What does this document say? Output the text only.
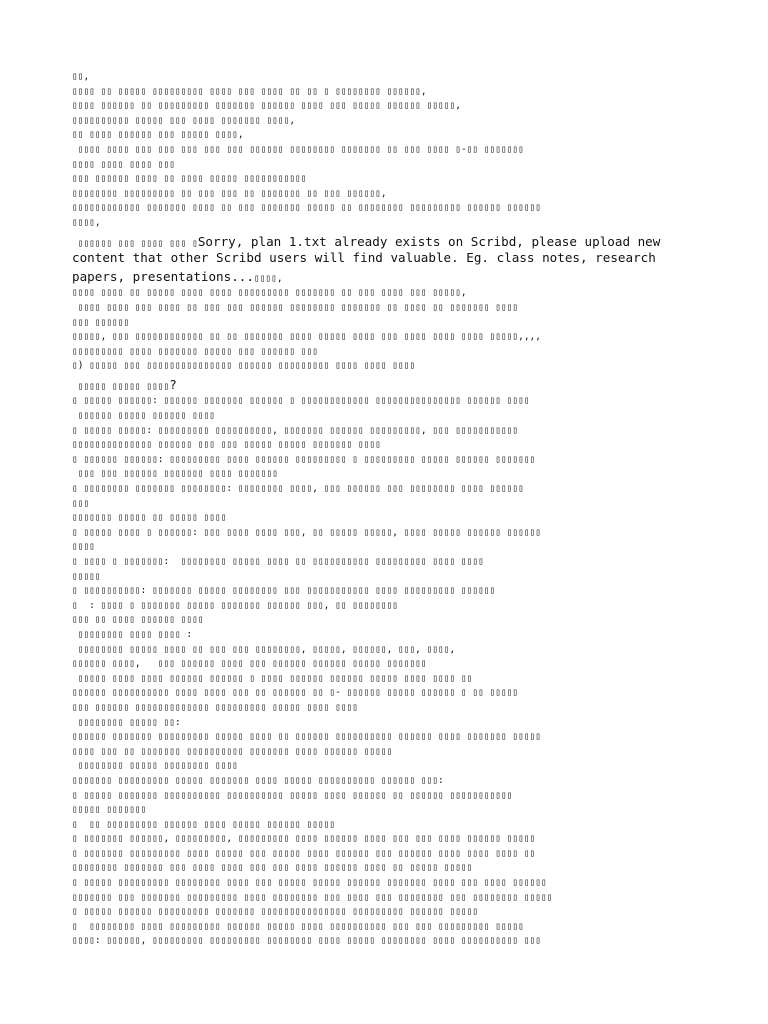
▯▯,
▯▯▯▯ ▯▯ ▯▯▯▯▯ ▯▯▯▯▯▯▯▯▯ ▯▯▯▯ ▯▯▯ ▯▯▯▯ ▯▯ ▯▯ ▯ ▯▯▯▯▯▯▯▯ ▯▯▯▯▯▯,
▯▯▯▯ ▯▯▯▯▯▯ ▯▯ ▯▯▯▯▯▯▯▯▯ ▯▯▯▯▯▯▯ ▯▯▯▯▯▯ ▯▯▯▯ ▯▯▯ ▯▯▯▯▯ ▯▯▯▯▯▯ ▯▯▯▯▯,
▯▯▯▯▯▯▯▯▯▯ ▯▯▯▯▯ ▯▯▯ ▯▯▯▯ ▯▯▯▯▯▯▯ ▯▯▯▯,
▯▯ ▯▯▯▯ ▯▯▯▯▯▯ ▯▯▯ ▯▯▯▯▯ ▯▯▯▯,
▯▯▯▯ ▯▯▯▯ ▯▯▯ ▯▯▯ ▯▯▯ ▯▯▯ ▯▯▯ ▯▯▯▯▯▯ ▯▯▯▯▯▯▯▯ ▯▯▯▯▯▯▯ ▯▯ ▯▯▯ ▯▯▯▯ ▯-▯▯ ▯▯▯▯▯▯▯
▯▯▯▯ ▯▯▯▯ ▯▯▯▯ ▯▯▯
▯▯▯ ▯▯▯▯▯▯ ▯▯▯▯ ▯▯ ▯▯▯▯ ▯▯▯▯▯ ▯▯▯▯▯▯▯▯▯▯▯
▯▯▯▯▯▯▯▯ ▯▯▯▯▯▯▯▯▯ ▯▯ ▯▯▯ ▯▯▯ ▯▯ ▯▯▯▯▯▯▯ ▯▯ ▯▯▯ ▯▯▯▯▯▯,
▯▯▯▯▯▯▯▯▯▯▯▯ ▯▯▯▯▯▯▯ ▯▯▯▯ ▯▯ ▯▯▯ ▯▯▯▯▯▯▯ ▯▯▯▯▯ ▯▯ ▯▯▯▯▯▯▯▯ ▯▯▯▯▯▯▯▯▯ ▯▯▯▯▯▯ ▯▯▯▯▯▯
▯▯▯▯,
▯▯▯▯▯▯ ▯▯▯ ▯▯▯▯ ▯▯▯ ▯Sorry, plan 1.txt already exists on Scribd, please upload new
content that other Scribd users will find valuable. Eg. class notes, research
papers, presentations...▯▯▯▯,
▯▯▯▯ ▯▯▯▯ ▯▯ ▯▯▯▯▯ ▯▯▯▯ ▯▯▯▯ ▯▯▯▯▯▯▯▯▯ ▯▯▯▯▯▯▯ ▯▯ ▯▯▯ ▯▯▯▯ ▯▯▯ ▯▯▯▯▯,
▯▯▯▯ ▯▯▯▯ ▯▯▯ ▯▯▯▯ ▯▯ ▯▯▯ ▯▯▯ ▯▯▯▯▯▯ ▯▯▯▯▯▯▯▯ ▯▯▯▯▯▯▯ ▯▯ ▯▯▯▯ ▯▯ ▯▯▯▯▯▯▯ ▯▯▯▯
▯▯▯ ▯▯▯▯▯▯
▯▯▯▯▯, ▯▯▯ ▯▯▯▯▯▯▯▯▯▯▯▯ ▯▯ ▯▯ ▯▯▯▯▯▯▯ ▯▯▯▯ ▯▯▯▯▯ ▯▯▯▯ ▯▯▯ ▯▯▯▯ ▯▯▯▯ ▯▯▯▯ ▯▯▯▯▯,,,,
▯▯▯▯▯▯▯▯▯ ▯▯▯▯ ▯▯▯▯▯▯▯ ▯▯▯▯▯ ▯▯▯ ▯▯▯▯▯▯ ▯▯▯
▯) ▯▯▯▯▯ ▯▯▯ ▯▯▯▯▯▯▯▯▯▯▯▯▯▯▯ ▯▯▯▯▯▯ ▯▯▯▯▯▯▯▯▯ ▯▯▯▯ ▯▯▯▯ ▯▯▯▯
▯▯▯▯▯ ▯▯▯▯▯ ▯▯▯▯?
▯ ▯▯▯▯▯ ▯▯▯▯▯▯: ▯▯▯▯▯▯ ▯▯▯▯▯▯▯ ▯▯▯▯▯▯ ▯ ▯▯▯▯▯▯▯▯▯▯▯▯ ▯▯▯▯▯▯▯▯▯▯▯▯▯▯▯ ▯▯▯▯▯▯ ▯▯▯▯
▯▯▯▯▯▯ ▯▯▯▯▯ ▯▯▯▯▯▯ ▯▯▯▯
▯ ▯▯▯▯▯ ▯▯▯▯▯: ▯▯▯▯▯▯▯▯▯ ▯▯▯▯▯▯▯▯▯▯, ▯▯▯▯▯▯▯ ▯▯▯▯▯▯ ▯▯▯▯▯▯▯▯▯, ▯▯▯ ▯▯▯▯▯▯▯▯▯▯▯
▯▯▯▯▯▯▯▯▯▯▯▯▯▯ ▯▯▯▯▯▯ ▯▯▯ ▯▯▯ ▯▯▯▯▯ ▯▯▯▯▯ ▯▯▯▯▯▯▯ ▯▯▯▯
▯ ▯▯▯▯▯▯ ▯▯▯▯▯▯: ▯▯▯▯▯▯▯▯▯ ▯▯▯▯ ▯▯▯▯▯▯ ▯▯▯▯▯▯▯▯▯ ▯ ▯▯▯▯▯▯▯▯▯ ▯▯▯▯▯ ▯▯▯▯▯▯ ▯▯▯▯▯▯▯
▯▯▯ ▯▯▯ ▯▯▯▯▯▯ ▯▯▯▯▯▯▯ ▯▯▯▯ ▯▯▯▯▯▯▯
▯ ▯▯▯▯▯▯▯▯ ▯▯▯▯▯▯▯ ▯▯▯▯▯▯▯▯: ▯▯▯▯▯▯▯▯ ▯▯▯▯, ▯▯▯ ▯▯▯▯▯▯ ▯▯▯ ▯▯▯▯▯▯▯▯ ▯▯▯▯ ▯▯▯▯▯▯
▯▯▯
▯▯▯▯▯▯▯ ▯▯▯▯▯ ▯▯ ▯▯▯▯▯ ▯▯▯▯
▯ ▯▯▯▯▯ ▯▯▯▯ ▯ ▯▯▯▯▯▯: ▯▯▯ ▯▯▯▯ ▯▯▯▯ ▯▯▯, ▯▯ ▯▯▯▯▯ ▯▯▯▯▯, ▯▯▯▯ ▯▯▯▯▯ ▯▯▯▯▯▯ ▯▯▯▯▯▯
▯▯▯▯
▯ ▯▯▯▯ ▯ ▯▯▯▯▯▯▯:  ▯▯▯▯▯▯▯▯ ▯▯▯▯▯ ▯▯▯▯ ▯▯ ▯▯▯▯▯▯▯▯▯▯ ▯▯▯▯▯▯▯▯▯ ▯▯▯▯ ▯▯▯▯
▯▯▯▯▯
▯ ▯▯▯▯▯▯▯▯▯▯: ▯▯▯▯▯▯▯ ▯▯▯▯▯ ▯▯▯▯▯▯▯▯ ▯▯▯ ▯▯▯▯▯▯▯▯▯▯▯ ▯▯▯▯ ▯▯▯▯▯▯▯▯▯ ▯▯▯▯▯▯
▯  : ▯▯▯▯ ▯ ▯▯▯▯▯▯▯ ▯▯▯▯▯ ▯▯▯▯▯▯▯ ▯▯▯▯▯▯ ▯▯▯, ▯▯ ▯▯▯▯▯▯▯▯
▯▯▯ ▯▯ ▯▯▯▯ ▯▯▯▯▯▯ ▯▯▯▯
▯▯▯▯▯▯▯▯ ▯▯▯▯ ▯▯▯▯ :
▯▯▯▯▯▯▯▯ ▯▯▯▯▯ ▯▯▯▯ ▯▯ ▯▯▯ ▯▯▯ ▯▯▯▯▯▯▯▯, ▯▯▯▯▯, ▯▯▯▯▯▯, ▯▯▯, ▯▯▯▯,
▯▯▯▯▯▯ ▯▯▯▯,   ▯▯▯ ▯▯▯▯▯▯ ▯▯▯▯ ▯▯▯ ▯▯▯▯▯▯ ▯▯▯▯▯▯ ▯▯▯▯▯ ▯▯▯▯▯▯▯
▯▯▯▯▯ ▯▯▯▯ ▯▯▯▯ ▯▯▯▯▯▯ ▯▯▯▯▯▯ ▯ ▯▯▯▯ ▯▯▯▯▯▯ ▯▯▯▯▯▯ ▯▯▯▯▯ ▯▯▯▯ ▯▯▯▯ ▯▯
▯▯▯▯▯▯ ▯▯▯▯▯▯▯▯▯▯ ▯▯▯▯ ▯▯▯▯ ▯▯▯ ▯▯ ▯▯▯▯▯▯ ▯▯ ▯- ▯▯▯▯▯▯ ▯▯▯▯▯ ▯▯▯▯▯▯ ▯ ▯▯ ▯▯▯▯▯
▯▯▯ ▯▯▯▯▯▯ ▯▯▯▯▯▯▯▯▯▯▯▯▯ ▯▯▯▯▯▯▯▯▯ ▯▯▯▯▯ ▯▯▯▯ ▯▯▯▯
▯▯▯▯▯▯▯▯ ▯▯▯▯▯ ▯▯:
▯▯▯▯▯▯ ▯▯▯▯▯▯▯ ▯▯▯▯▯▯▯▯▯ ▯▯▯▯▯ ▯▯▯▯ ▯▯ ▯▯▯▯▯▯ ▯▯▯▯▯▯▯▯▯▯ ▯▯▯▯▯▯ ▯▯▯▯ ▯▯▯▯▯▯▯ ▯▯▯▯▯
▯▯▯▯ ▯▯▯ ▯▯ ▯▯▯▯▯▯▯ ▯▯▯▯▯▯▯▯▯▯ ▯▯▯▯▯▯▯ ▯▯▯▯ ▯▯▯▯▯▯ ▯▯▯▯▯
▯▯▯▯▯▯▯▯ ▯▯▯▯▯ ▯▯▯▯▯▯▯▯ ▯▯▯▯
▯▯▯▯▯▯▯ ▯▯▯▯▯▯▯▯▯ ▯▯▯▯▯ ▯▯▯▯▯▯▯ ▯▯▯▯ ▯▯▯▯▯ ▯▯▯▯▯▯▯▯▯▯ ▯▯▯▯▯▯ ▯▯▯:
▯ ▯▯▯▯▯ ▯▯▯▯▯▯▯ ▯▯▯▯▯▯▯▯▯▯ ▯▯▯▯▯▯▯▯▯▯ ▯▯▯▯▯ ▯▯▯▯ ▯▯▯▯▯▯ ▯▯ ▯▯▯▯▯▯ ▯▯▯▯▯▯▯▯▯▯▯
▯▯▯▯▯ ▯▯▯▯▯▯▯
▯  ▯▯ ▯▯▯▯▯▯▯▯▯ ▯▯▯▯▯▯ ▯▯▯▯ ▯▯▯▯▯ ▯▯▯▯▯▯ ▯▯▯▯▯
▯ ▯▯▯▯▯▯▯ ▯▯▯▯▯▯, ▯▯▯▯▯▯▯▯▯, ▯▯▯▯▯▯▯▯▯ ▯▯▯▯ ▯▯▯▯▯▯ ▯▯▯▯ ▯▯▯ ▯▯▯ ▯▯▯▯ ▯▯▯▯▯▯ ▯▯▯▯▯
▯ ▯▯▯▯▯▯▯ ▯▯▯▯▯▯▯▯▯ ▯▯▯▯ ▯▯▯▯▯ ▯▯▯ ▯▯▯▯▯ ▯▯▯▯ ▯▯▯▯▯▯ ▯▯▯ ▯▯▯▯▯▯ ▯▯▯▯ ▯▯▯▯ ▯▯▯▯ ▯▯
▯▯▯▯▯▯▯▯ ▯▯▯▯▯▯▯ ▯▯▯ ▯▯▯▯ ▯▯▯▯ ▯▯▯ ▯▯▯ ▯▯▯▯ ▯▯▯▯▯▯ ▯▯▯▯ ▯▯ ▯▯▯▯▯ ▯▯▯▯▯
▯ ▯▯▯▯▯ ▯▯▯▯▯▯▯▯▯ ▯▯▯▯▯▯▯▯ ▯▯▯▯ ▯▯▯ ▯▯▯▯▯ ▯▯▯▯▯ ▯▯▯▯▯▯ ▯▯▯▯▯▯▯ ▯▯▯▯ ▯▯▯ ▯▯▯▯ ▯▯▯▯▯▯
▯▯▯▯▯▯▯ ▯▯▯ ▯▯▯▯▯▯▯ ▯▯▯▯▯▯▯▯▯ ▯▯▯▯ ▯▯▯▯▯▯▯▯ ▯▯▯ ▯▯▯▯ ▯▯▯ ▯▯▯▯▯▯▯▯ ▯▯▯ ▯▯▯▯▯▯▯▯ ▯▯▯▯▯
▯ ▯▯▯▯▯ ▯▯▯▯▯▯ ▯▯▯▯▯▯▯▯▯ ▯▯▯▯▯▯▯ ▯▯▯▯▯▯▯▯▯▯▯▯▯▯▯ ▯▯▯▯▯▯▯▯▯ ▯▯▯▯▯▯ ▯▯▯▯▯
▯  ▯▯▯▯▯▯▯▯ ▯▯▯▯ ▯▯▯▯▯▯▯▯▯ ▯▯▯▯▯▯ ▯▯▯▯▯ ▯▯▯▯ ▯▯▯▯▯▯▯▯▯▯ ▯▯▯ ▯▯▯ ▯▯▯▯▯▯▯▯▯ ▯▯▯▯▯
▯▯▯▯: ▯▯▯▯▯▯, ▯▯▯▯▯▯▯▯▯ ▯▯▯▯▯▯▯▯▯ ▯▯▯▯▯▯▯▯ ▯▯▯▯ ▯▯▯▯▯ ▯▯▯▯▯▯▯▯ ▯▯▯▯ ▯▯▯▯▯▯▯▯▯▯ ▯▯▯
